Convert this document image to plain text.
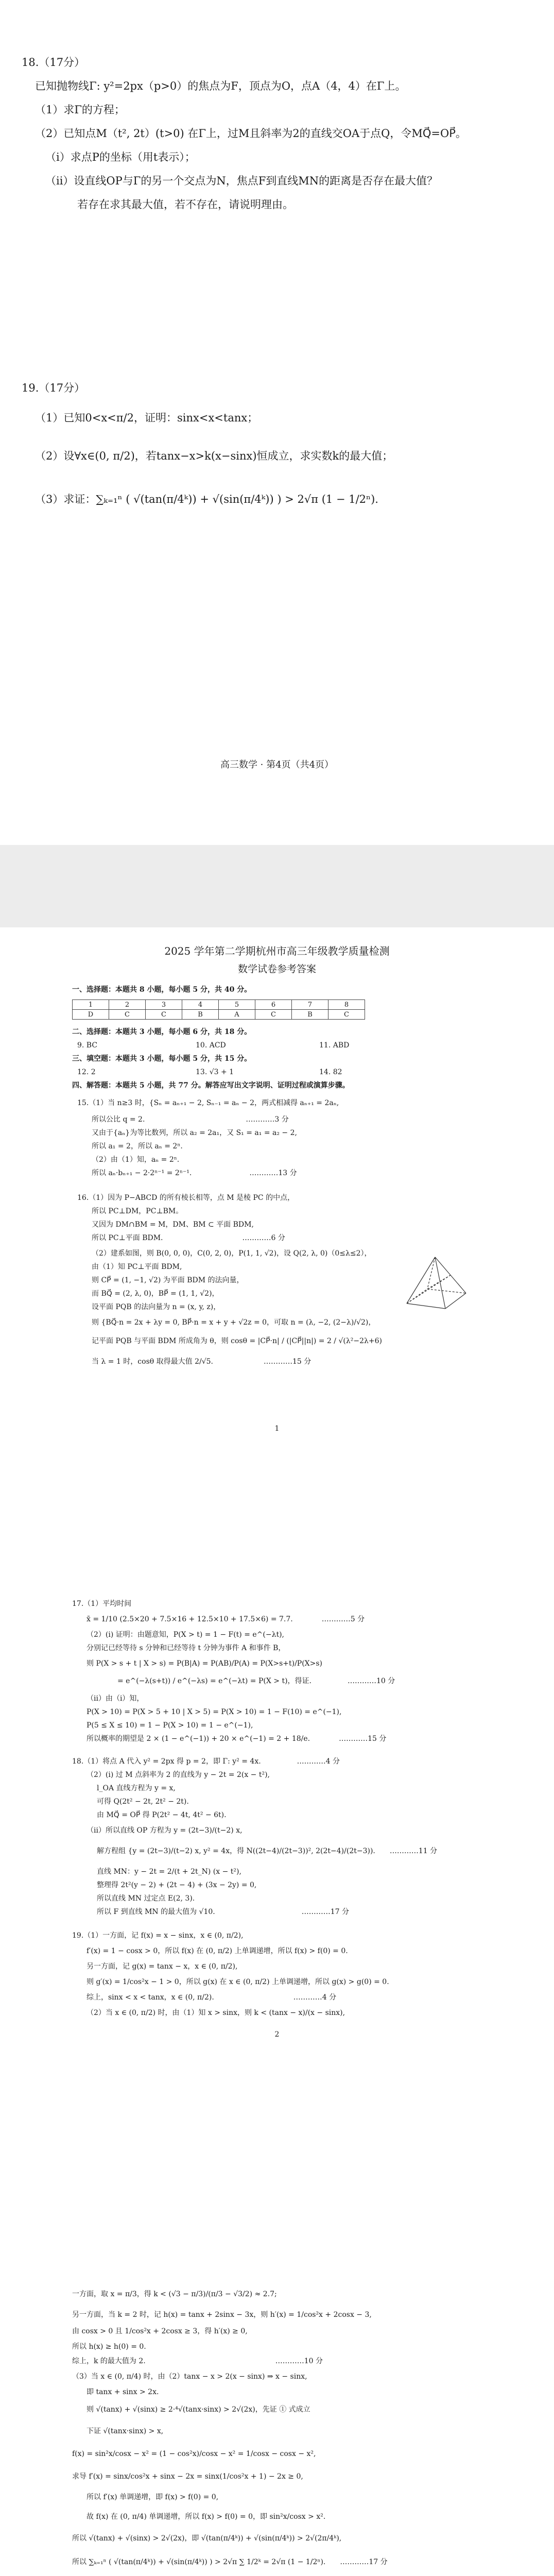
18.（17分）
已知抛物线Γ: y²=2px（p>0）的焦点为F，顶点为O，点A（4，4）在Γ上。
（1）求Γ的方程；
（2）已知点M（t², 2t）(t>0) 在Γ上，过M且斜率为2的直线交OA于点Q，令MQ⃗=OP⃗。
（i）求点P的坐标（用t表示）；
（ii）设直线OP与Γ的另一个交点为N，焦点F到直线MN的距离是否存在最大值？
若存在求其最大值，若不存在，请说明理由。
19.（17分）
（1）已知0<x<π/2，证明：sinx<x<tanx；
（2）设∀x∈(0, π/2)，若tanx−x>k(x−sinx)恒成立，求实数k的最大值；
（3）求证：∑ₖ₌₁ⁿ ( √(tan(π/4ᵏ)) + √(sin(π/4ᵏ)) ) > 2√π (1 − 1/2ⁿ).
高三数学 · 第4页（共4页）
2025 学年第二学期杭州市高三年级教学质量检测
数学试卷参考答案
一、选择题：本题共 8 小题，每小题 5 分，共 40 分。
1	2	3	4	5	6	7	8
D	C	C	B	A	C	B	C
二、选择题：本题共 3 小题，每小题 6 分，共 18 分。
9. BC	10. ACD	11. ABD
三、填空题：本题共 3 小题，每小题 5 分，共 15 分。
12. 2	13. √3 + 1	14. 82
四、解答题：本题共 5 小题，共 77 分。解答应写出文字说明、证明过程或演算步骤。
15.（1）当 n≥3 时，{Sₙ = aₙ₊₁ − 2, Sₙ₋₁ = aₙ − 2，两式相减得 aₙ₊₁ = 2aₙ,
所以公比 q = 2.　　　　　　　　　　　　　　…………3 分
又由于{aₙ}为等比数列，所以 a₂ = 2a₁，又 S₁ = a₁ = a₂ − 2,
所以 a₁ = 2，所以 aₙ = 2ⁿ.
（2）由（1）知，aₙ = 2ⁿ.
所以 aₙ·bₙ₊₁ − 2·2ⁿ⁻¹ = 2ⁿ⁻¹.　　　　　　　　…………13 分
16.（1）因为 P−ABCD 的所有棱长相等，点 M 是棱 PC 的中点，
所以 PC⊥DM，PC⊥BM。
又因为 DM∩BM = M，DM、BM ⊂ 平面 BDM,
所以 PC⊥平面 BDM.　　　　　　　　　　　…………6 分
（2）建系如图，则 B(0, 0, 0)，C(0, 2, 0)，P(1, 1, √2)，设 Q(2, λ, 0)（0≤λ≤2），
由（1）知 PC⊥平面 BDM,
则 CP⃗ = (1, −1, √2) 为平面 BDM 的法向量，
而 BQ⃗ = (2, λ, 0)，BP⃗ = (1, 1, √2)，
设平面 PQB 的法向量为 n = (x, y, z)，
则 {BQ⃗·n = 2x + λy = 0, BP⃗·n = x + y + √2z = 0，可取 n = (λ, −2, (2−λ)/√2)，
记平面 PQB 与平面 BDM 所成角为 θ，则 cosθ = |CP⃗·n| / (|CP⃗||n|) = 2 / √(λ²−2λ+6)
当 λ = 1 时，cosθ 取得最大值 2/√5.　　　　　　　…………15 分
1
17.（1）平均时间
x̄ = 1/10 (2.5×20 + 7.5×16 + 12.5×10 + 17.5×6) = 7.7.　　　　…………5 分
（2）(i) 证明：由题意知，P(X > t) = 1 − F(t) = e^(−λt),
分别记已经等待 s 分钟和已经等待 t 分钟为事件 A 和事件 B，
则 P(X > s + t | X > s) = P(B|A) = P(AB)/P(A) = P(X>s+t)/P(X>s)
= e^(−λ(s+t)) / e^(−λs) = e^(−λt) = P(X > t)，得证.　　　　　…………10 分
（ii）由（i）知，
P(X > 10) = P(X > 5 + 10 | X > 5) = P(X > 10) = 1 − F(10) = e^(−1),
P(5 ≤ X ≤ 10) = 1 − P(X > 10) = 1 − e^(−1),
所以概率的期望是 2 × (1 − e^(−1)) + 20 × e^(−1) = 2 + 18/e.　　　　…………15 分
18.（1）将点 A 代入 y² = 2px 得 p = 2，即 Γ: y² = 4x.　　　　　…………4 分
（2）(i) 过 M 点斜率为 2 的直线为 y − 2t = 2(x − t²),
l_OA 直线方程为 y = x,
可得 Q(2t² − 2t, 2t² − 2t).
由 MQ⃗ = OP⃗ 得 P(2t² − 4t, 4t² − 6t).
（ii）所以直线 OP 方程为 y = (2t−3)/(t−2) x,
解方程组 {y = (2t−3)/(t−2) x, y² = 4x，得 N((2t−4)/(2t−3))², 2(2t−4)/(2t−3)).　　…………11 分
直线 MN：y − 2t = 2/(t + 2t_N) (x − t²),
整理得 2t²(y − 2) + (2t − 4) + (3x − 2y) = 0,
所以直线 MN 过定点 E(2, 3).
所以 F 到直线 MN 的最大值为 √10.　　　　　　　　　　　　…………17 分
19.（1）一方面，记 f(x) = x − sinx，x ∈ (0, π/2),
f′(x) = 1 − cosx > 0，所以 f(x) 在 (0, π/2) 上单调递增，所以 f(x) > f(0) = 0.
另一方面，记 g(x) = tanx − x，x ∈ (0, π/2),
则 g′(x) = 1/cos²x − 1 > 0，所以 g(x) 在 x ∈ (0, π/2) 上单调递增，所以 g(x) > g(0) = 0.
综上，sinx < x < tanx，x ∈ (0, π/2).　　　　　　　　　　　…………4 分
（2）当 x ∈ (0, π/2) 时，由（1）知 x > sinx，则 k < (tanx − x)/(x − sinx),
2
一方面，取 x = π/3，得 k < (√3 − π/3)/(π/3 − √3/2) ≈ 2.7;
另一方面，当 k = 2 时，记 h(x) = tanx + 2sinx − 3x，则 h′(x) = 1/cos²x + 2cosx − 3,
由 cosx > 0 且 1/cos²x + 2cosx ≥ 3，得 h′(x) ≥ 0,
所以 h(x) ≥ h(0) = 0.
综上，k 的最大值为 2.　　　　　　　　　　　　　　　　　　…………10 分
（3）当 x ∈ (0, π/4) 时，由（2）tanx − x > 2(x − sinx) ⇒ x − sinx,
即 tanx + sinx > 2x.
则 √(tanx) + √(sinx) ≥ 2·⁴√(tanx·sinx) > 2√(2x)，先证 ① 式成立
下证 √(tanx·sinx) > x,
f(x) = sin²x/cosx − x² = (1 − cos²x)/cosx − x² = 1/cosx − cosx − x²,
求导 f′(x) = sinx/cos²x + sinx − 2x = sinx(1/cos²x + 1) − 2x ≥ 0,
所以 f′(x) 单调递增，即 f(x) > f(0) = 0,
故 f(x) 在 (0, π/4) 单调递增，所以 f(x) > f(0) = 0，即 sin²x/cosx > x².
所以 √(tanx) + √(sinx) > 2√(2x)，即 √(tan(π/4ᵏ)) + √(sin(π/4ᵏ)) > 2√(2π/4ᵏ),
所以 ∑ₖ₌₁ⁿ ( √(tan(π/4ᵏ)) + √(sin(π/4ᵏ)) ) > 2√π ∑ 1/2ᵏ = 2√π (1 − 1/2ⁿ).　　…………17 分
